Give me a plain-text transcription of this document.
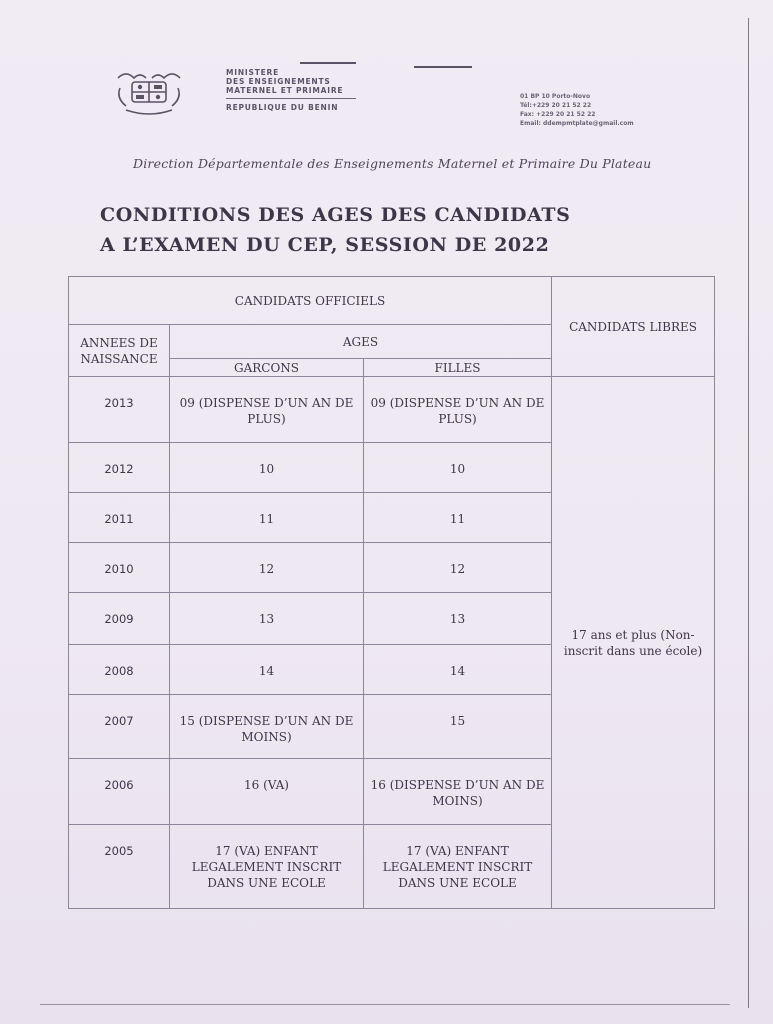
MINISTERE
DES ENSEIGNEMENTS
MATERNEL ET PRIMAIRE
REPUBLIQUE DU BENIN
01 BP 10 Porto-Novo
Tél:+229 20 21 52 22
Fax: +229 20 21 52 22
Email: ddempmtplate@gmail.com
Direction Départementale des Enseignements Maternel et Primaire Du Plateau
CONDITIONS DES AGES DES CANDIDATS
A L’EXAMEN DU CEP, SESSION DE 2022
CANDIDATS OFFICIELS			CANDIDATS LIBRES
ANNEES DE NAISSANCE	AGES		
	GARCONS	FILLES	
2013	09 (DISPENSE D’UN AN DE PLUS)	09 (DISPENSE D’UN AN DE PLUS)	17 ans et plus (Non-inscrit dans une école)
2012	10	10	
2011	11	11	
2010	12	12	
2009	13	13	
2008	14	14	
2007	15 (DISPENSE D’UN AN DE MOINS)	15	
2006	16 (VA)	16 (DISPENSE D’UN AN DE MOINS)	
2005	17 (VA) ENFANT LEGALEMENT INSCRIT DANS UNE ECOLE	17 (VA) ENFANT LEGALEMENT INSCRIT DANS UNE ECOLE	
